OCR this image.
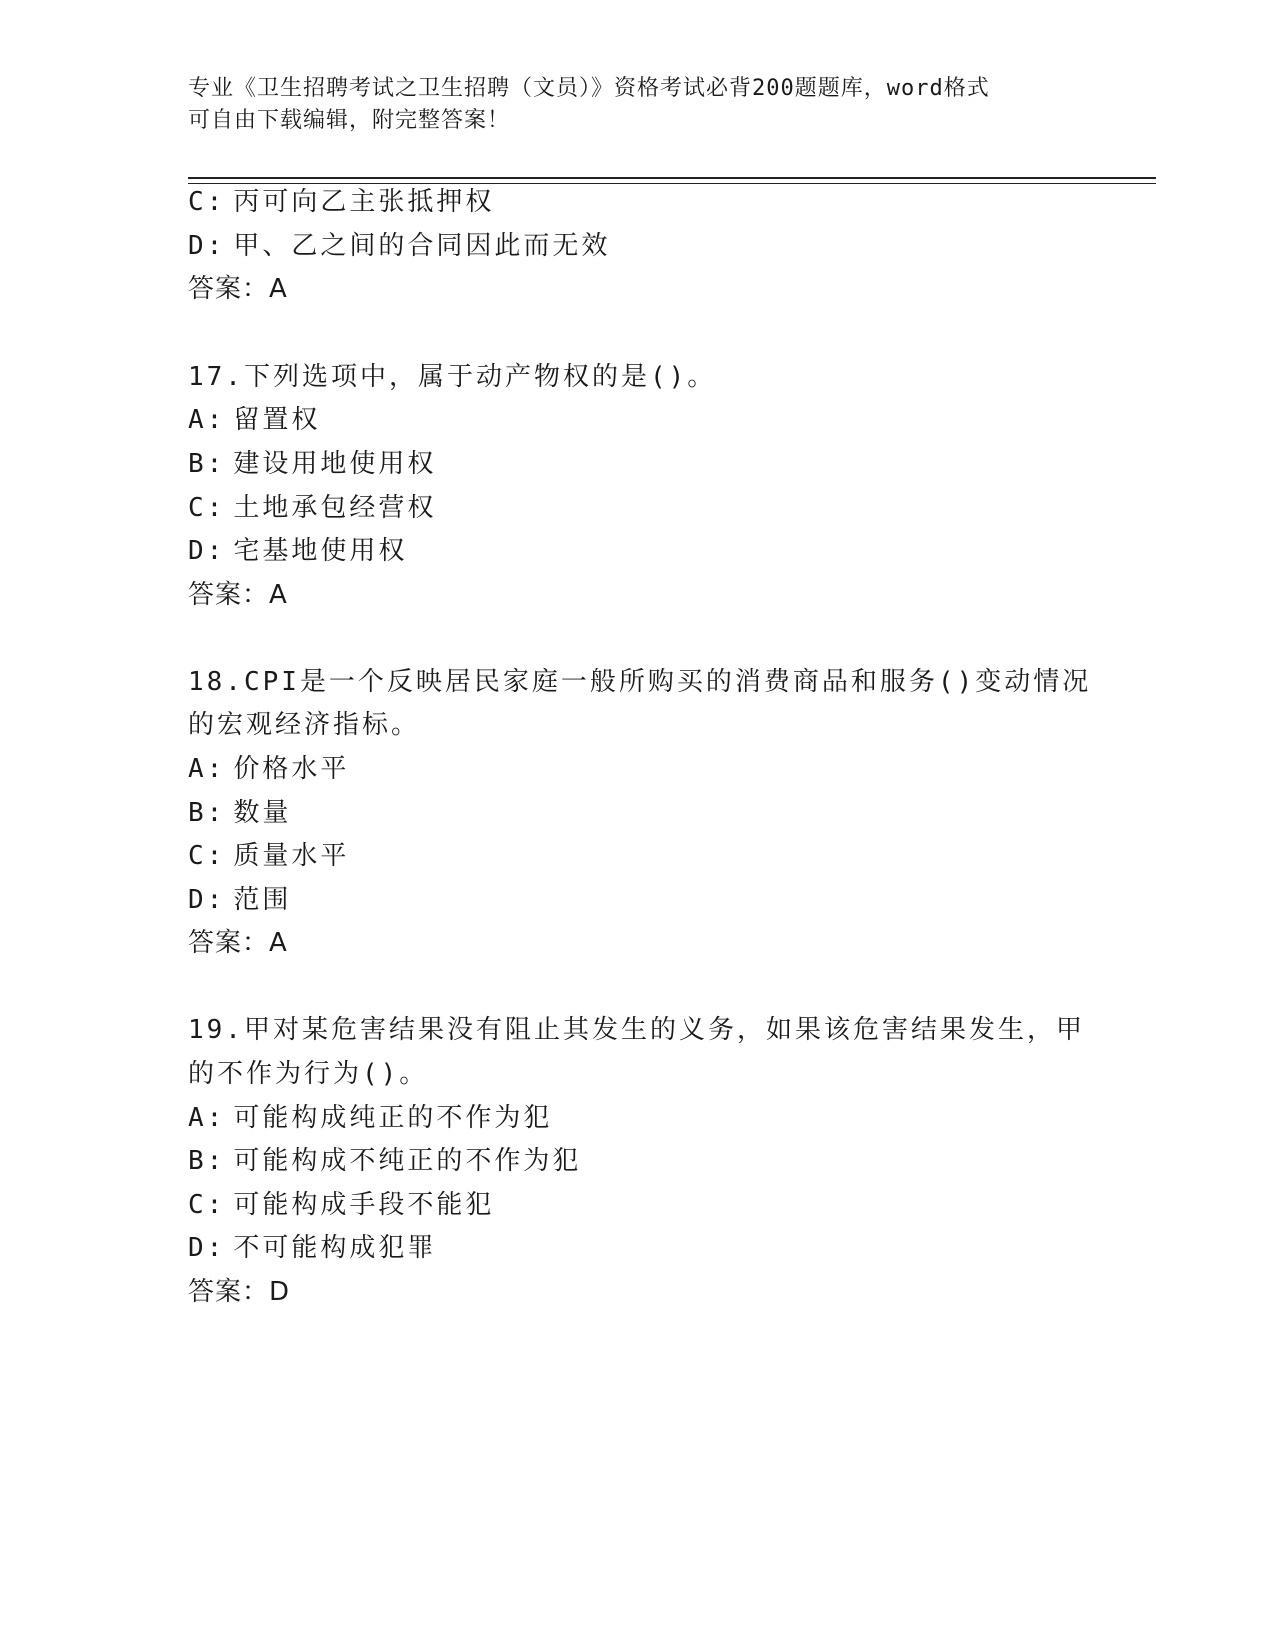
专业《卫生招聘考试之卫生招聘（文员）》资格考试必背200题题库，word格式
可自由下载编辑，附完整答案！
C: 丙可向乙主张抵押权
D: 甲、乙之间的合同因此而无效
答案：A
17.下列选项中，属于动产物权的是()。
A: 留置权
B: 建设用地使用权
C: 土地承包经营权
D: 宅基地使用权
答案：A
18.CPI是一个反映居民家庭一般所购买的消费商品和服务()变动情况
的宏观经济指标。
A: 价格水平
B: 数量
C: 质量水平
D: 范围
答案：A
19.甲对某危害结果没有阻止其发生的义务，如果该危害结果发生，甲
的不作为行为()。
A: 可能构成纯正的不作为犯
B: 可能构成不纯正的不作为犯
C: 可能构成手段不能犯
D: 不可能构成犯罪
答案：D
